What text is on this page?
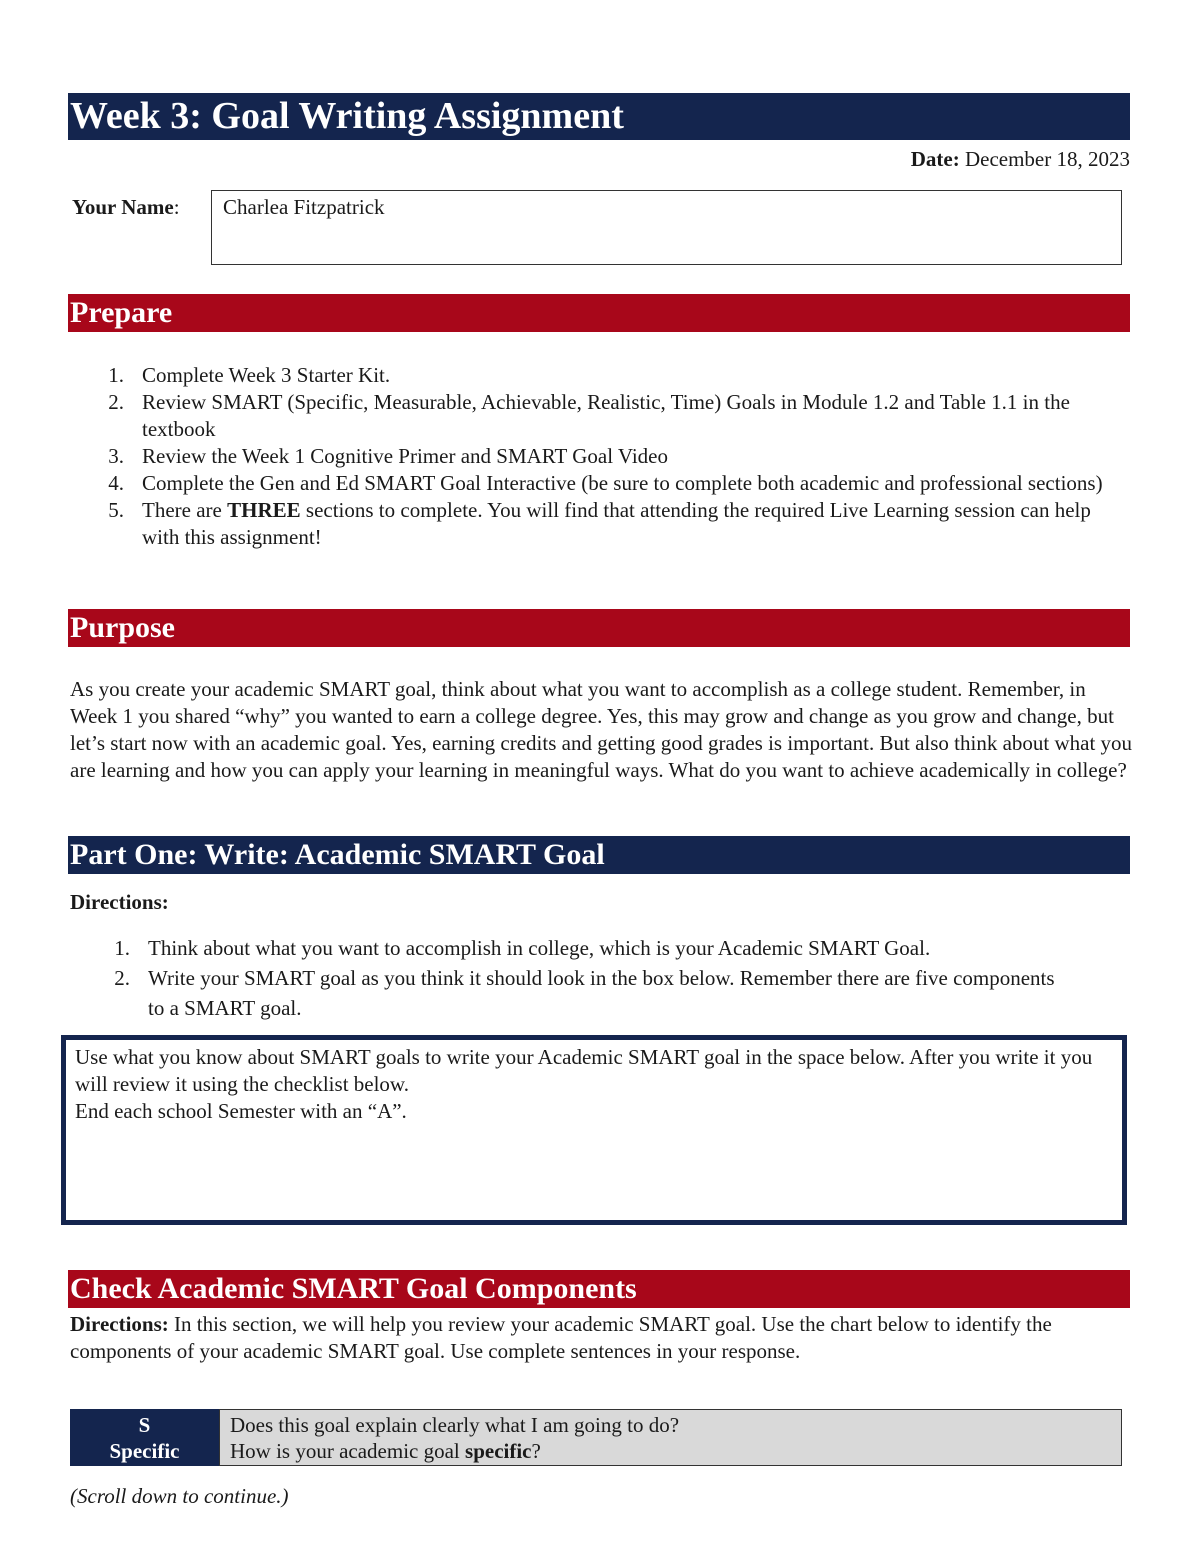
Week 3: Goal Writing Assignment
Date: December 18, 2023
Your Name:	Charlea Fitzpatrick
Prepare
1. Complete Week 3 Starter Kit.
2. Review SMART (Specific, Measurable, Achievable, Realistic, Time) Goals in Module 1.2 and Table 1.1 in the textbook
3. Review the Week 1 Cognitive Primer and SMART Goal Video
4. Complete the Gen and Ed SMART Goal Interactive (be sure to complete both academic and professional sections)
5. There are THREE sections to complete. You will find that attending the required Live Learning session can help with this assignment!
Purpose

As you create your academic SMART goal, think about what you want to accomplish as a college student. Remember, in Week 1 you shared “why” you wanted to earn a college degree. Yes, this may grow and change as you grow and change, but let’s start now with an academic goal. Yes, earning credits and getting good grades is important. But also think about what you are learning and how you can apply your learning in meaningful ways. What do you want to achieve academically in college?

Part One: Write: Academic SMART Goal
Directions:
1. Think about what you want to accomplish in college, which is your Academic SMART Goal.
2. Write your SMART goal as you think it should look in the box below. Remember there are five components to a SMART goal.
Use what you know about SMART goals to write your Academic SMART goal in the space below. After you write it you will review it using the checklist below.
End each school Semester with an “A”.
Check Academic SMART Goal Components

Directions: In this section, we will help you review your academic SMART goal. Use the chart below to identify the components of your academic SMART goal. Use complete sentences in your response.

S
Specific
Does this goal explain clearly what I am going to do?
How is your academic goal specific?
(Scroll down to continue.)
